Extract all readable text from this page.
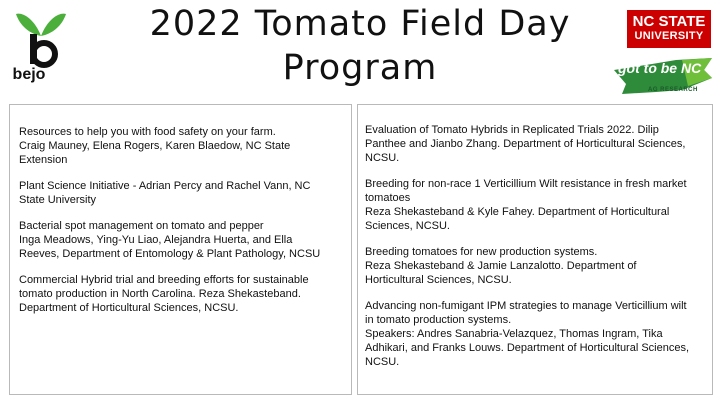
bejo
2022 Tomato Field Day
Program
NC STATE
UNIVERSITY
got to be NC
AG RESEARCH
Resources to help you with food safety on your farm.
Craig Mauney, Elena Rogers, Karen Blaedow, NC State
Extension
Plant Science Initiative - Adrian Percy and Rachel Vann, NC
State University
Bacterial spot management on tomato and pepper
Inga Meadows, Ying-Yu Liao, Alejandra Huerta, and Ella
Reeves, Department of Entomology & Plant Pathology, NCSU
Commercial Hybrid trial and breeding efforts for sustainable
tomato production in North Carolina. Reza Shekasteband.
Department of Horticultural Sciences, NCSU.
Evaluation of Tomato Hybrids in Replicated Trials 2022. Dilip
Panthee and Jianbo Zhang. Department of Horticultural Sciences,
NCSU.
Breeding for non-race 1 Verticillium Wilt resistance in fresh market
tomatoes
Reza Shekasteband & Kyle Fahey. Department of Horticultural
Sciences, NCSU.
Breeding tomatoes for new production systems.
Reza Shekasteband & Jamie Lanzalotto. Department of
Horticultural Sciences, NCSU.
Advancing non-fumigant IPM strategies to manage Verticillium wilt
in tomato production systems.
Speakers: Andres Sanabria-Velazquez, Thomas Ingram, Tika
Adhikari, and Franks Louws. Department of Horticultural Sciences,
NCSU.
